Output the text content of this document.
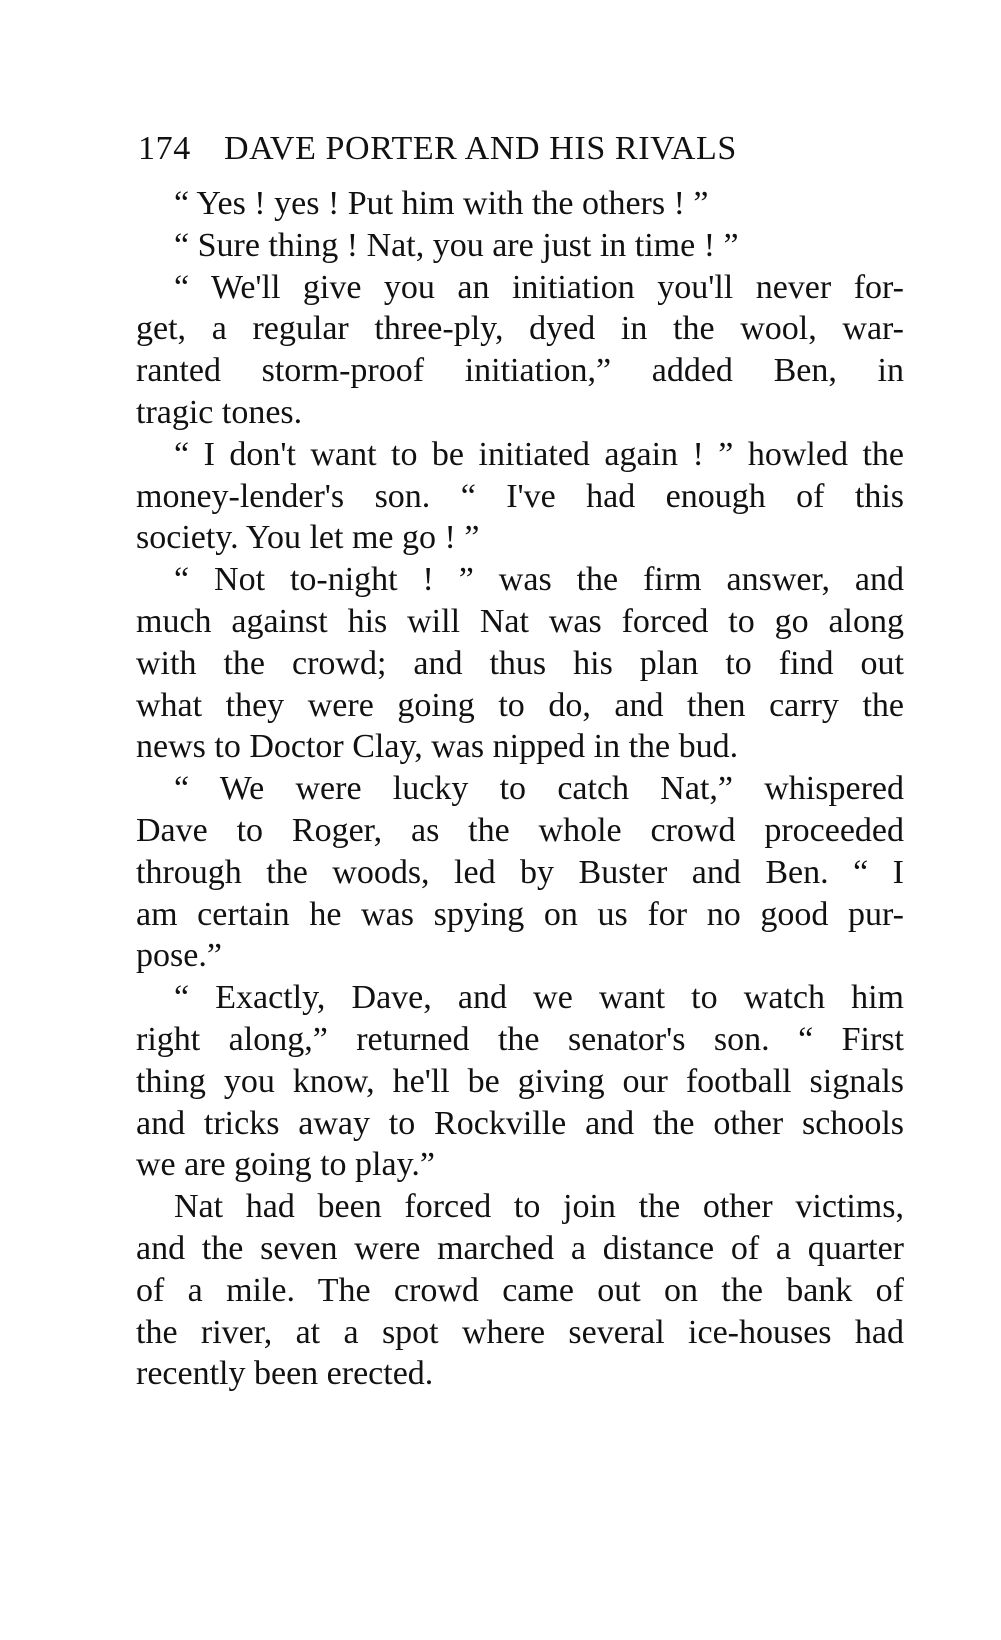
174 DAVE PORTER AND HIS RIVALS
“ Yes ! yes ! Put him with the others ! ”
“ Sure thing ! Nat, you are just in time ! ”
“ We'll give you an initiation you'll never for-
get, a regular three-ply, dyed in the wool, war-
ranted storm-proof initiation,” added Ben, in
tragic tones.
“ I don't want to be initiated again ! ” howled the
money-lender's son. “ I've had enough of this
society. You let me go ! ”
“ Not to-night ! ” was the firm answer, and
much against his will Nat was forced to go along
with the crowd; and thus his plan to find out
what they were going to do, and then carry the
news to Doctor Clay, was nipped in the bud.
“ We were lucky to catch Nat,” whispered
Dave to Roger, as the whole crowd proceeded
through the woods, led by Buster and Ben. “ I
am certain he was spying on us for no good pur-
pose.”
“ Exactly, Dave, and we want to watch him
right along,” returned the senator's son. “ First
thing you know, he'll be giving our football signals
and tricks away to Rockville and the other schools
we are going to play.”
Nat had been forced to join the other victims,
and the seven were marched a distance of a quarter
of a mile. The crowd came out on the bank of
the river, at a spot where several ice-houses had
recently been erected.
